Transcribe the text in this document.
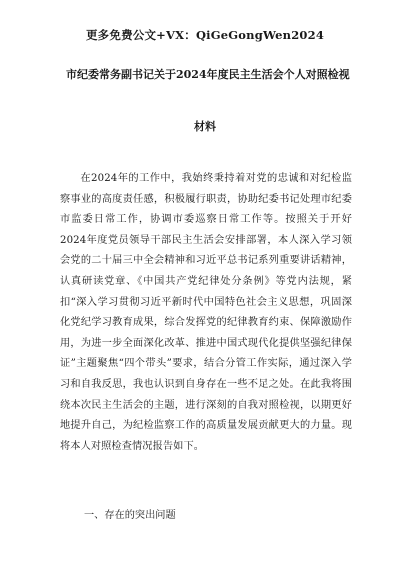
更多免费公文+VX：QiGeGongWen2024
市纪委常务副书记关于2024年度民主生活会个人对照检视
材料

在2024年的工作中，我始终秉持着对党的忠诚和对纪检监察事业的高度责任感，积极履行职责，协助纪委书记处理市纪委市监委日常工作，协调市委巡察日常工作等。按照关于开好2024年度党员领导干部民主生活会安排部署，本人深入学习领会党的二十届三中全会精神和习近平总书记系列重要讲话精神，认真研读党章、《中国共产党纪律处分条例》等党内法规，紧扣“深入学习贯彻习近平新时代中国特色社会主义思想，巩固深化党纪学习教育成果，综合发挥党的纪律教育约束、保障激励作用，为进一步全面深化改革、推进中国式现代化提供坚强纪律保证”主题聚焦“四个带头”要求，结合分管工作实际，通过深入学习和自我反思，我也认识到自身存在一些不足之处。在此我将围绕本次民主生活会的主题，进行深刻的自我对照检视，以期更好地提升自己，为纪检监察工作的高质量发展贡献更大的力量。现将本人对照检查情况报告如下。

一、存在的突出问题
